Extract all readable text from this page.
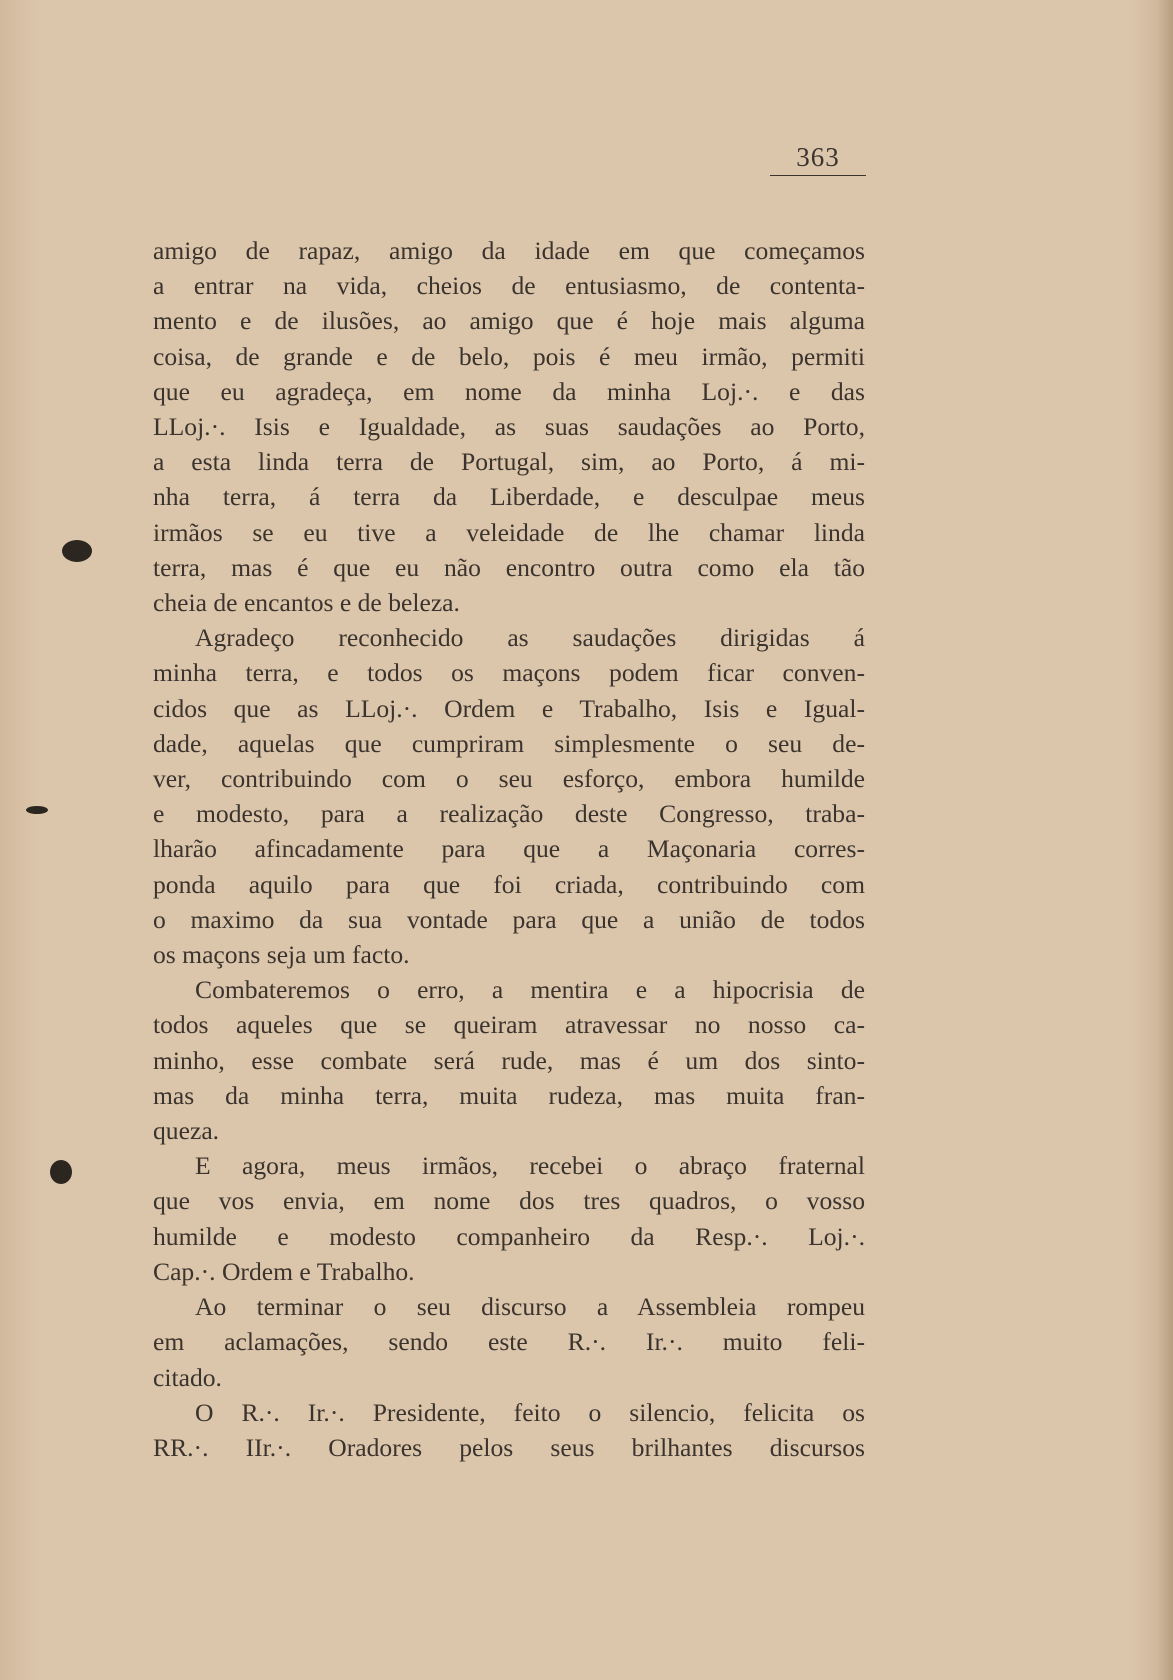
363

amigo de rapaz, amigo da idade em que começamos

a entrar na vida, cheios de entusiasmo, de contenta-

mento e de ilusões, ao amigo que é hoje mais alguma

coisa, de grande e de belo, pois é meu irmão, permiti

que eu agradeça, em nome da minha Loj.·. e das

LLoj.·. Isis e Igualdade, as suas saudações ao Porto,

a esta linda terra de Portugal, sim, ao Porto, á mi-

nha terra, á terra da Liberdade, e desculpae meus

irmãos se eu tive a veleidade de lhe chamar linda

terra, mas é que eu não encontro outra como ela tão

cheia de encantos e de beleza.

Agradeço reconhecido as saudações dirigidas á

minha terra, e todos os maçons podem ficar conven-

cidos que as LLoj.·. Ordem e Trabalho, Isis e Igual-

dade, aquelas que cumpriram simplesmente o seu de-

ver, contribuindo com o seu esforço, embora humilde

e modesto, para a realização deste Congresso, traba-

lharão afincadamente para que a Maçonaria corres-

ponda aquilo para que foi criada, contribuindo com

o maximo da sua vontade para que a união de todos

os maçons seja um facto.

Combateremos o erro, a mentira e a hipocrisia de

todos aqueles que se queiram atravessar no nosso ca-

minho, esse combate será rude, mas é um dos sinto-

mas da minha terra, muita rudeza, mas muita fran-

queza.

E agora, meus irmãos, recebei o abraço fraternal

que vos envia, em nome dos tres quadros, o vosso

humilde e modesto companheiro da Resp.·. Loj.·.

Cap.·. Ordem e Trabalho.

Ao terminar o seu discurso a Assembleia rompeu

em aclamações, sendo este R.·. Ir.·. muito feli-

citado.

O R.·. Ir.·. Presidente, feito o silencio, felicita os

RR.·. IIr.·. Oradores pelos seus brilhantes discursos
